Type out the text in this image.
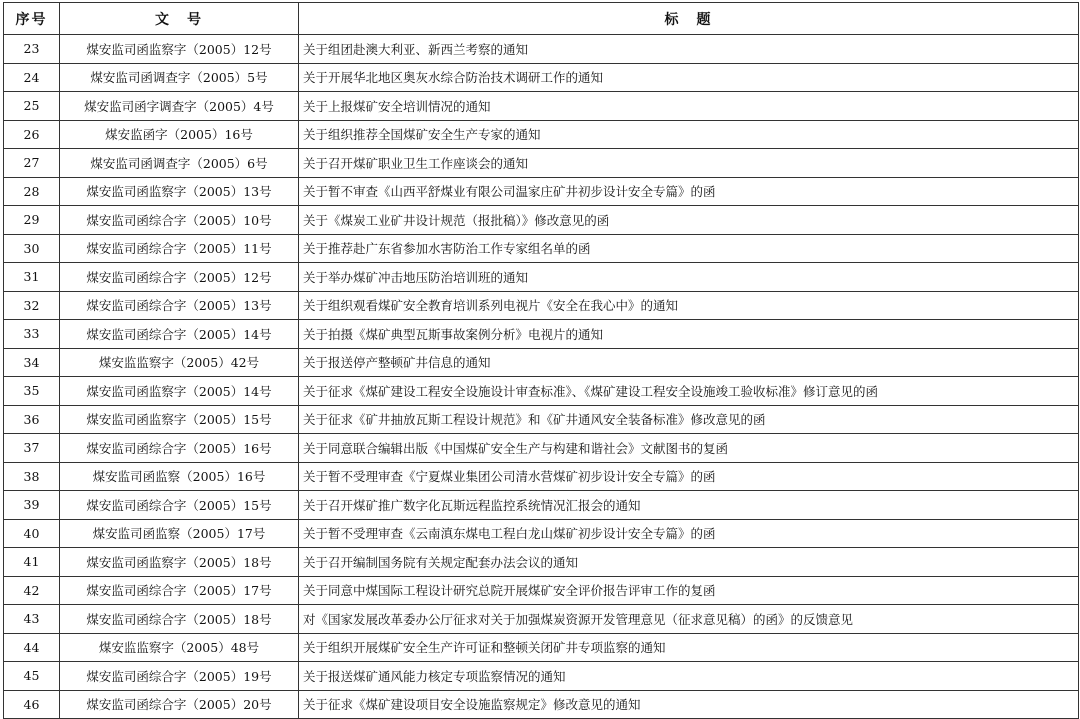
序号	文　号	标　题
23	煤安监司函监察字（2005）12号	关于组团赴澳大利亚、新西兰考察的通知
24	煤安监司函调查字（2005）5号	关于开展华北地区奥灰水综合防治技术调研工作的通知
25	煤安监司函字调查字（2005）4号	关于上报煤矿安全培训情况的通知
26	煤安监函字（2005）16号	关于组织推荐全国煤矿安全生产专家的通知
27	煤安监司函调查字（2005）6号	关于召开煤矿职业卫生工作座谈会的通知
28	煤安监司函监察字（2005）13号	关于暂不审查《山西平舒煤业有限公司温家庄矿井初步设计安全专篇》的函
29	煤安监司函综合字（2005）10号	关于《煤炭工业矿井设计规范（报批稿）》修改意见的函
30	煤安监司函综合字（2005）11号	关于推荐赴广东省参加水害防治工作专家组名单的函
31	煤安监司函综合字（2005）12号	关于举办煤矿冲击地压防治培训班的通知
32	煤安监司函综合字（2005）13号	关于组织观看煤矿安全教育培训系列电视片《安全在我心中》的通知
33	煤安监司函综合字（2005）14号	关于拍摄《煤矿典型瓦斯事故案例分析》电视片的通知
34	煤安监监察字（2005）42号	关于报送停产整顿矿井信息的通知
35	煤安监司函监察字（2005）14号	关于征求《煤矿建设工程安全设施设计审查标准》、《煤矿建设工程安全设施竣工验收标准》修订意见的函
36	煤安监司函监察字（2005）15号	关于征求《矿井抽放瓦斯工程设计规范》和《矿井通风安全装备标准》修改意见的函
37	煤安监司函综合字（2005）16号	关于同意联合编辑出版《中国煤矿安全生产与构建和谐社会》文献图书的复函
38	煤安监司函监察（2005）16号	关于暂不受理审查《宁夏煤业集团公司清水营煤矿初步设计安全专篇》的函
39	煤安监司函综合字（2005）15号	关于召开煤矿推广数字化瓦斯远程监控系统情况汇报会的通知
40	煤安监司函监察（2005）17号	关于暂不受理审查《云南滇东煤电工程白龙山煤矿初步设计安全专篇》的函
41	煤安监司函监察字（2005）18号	关于召开编制国务院有关规定配套办法会议的通知
42	煤安监司函综合字（2005）17号	关于同意中煤国际工程设计研究总院开展煤矿安全评价报告评审工作的复函
43	煤安监司函综合字（2005）18号	对《国家发展改革委办公厅征求对关于加强煤炭资源开发管理意见（征求意见稿）的函》的反馈意见
44	煤安监监察字（2005）48号	关于组织开展煤矿安全生产许可证和整顿关闭矿井专项监察的通知
45	煤安监司函综合字（2005）19号	关于报送煤矿通风能力核定专项监察情况的通知
46	煤安监司函综合字（2005）20号	关于征求《煤矿建设项目安全设施监察规定》修改意见的通知
